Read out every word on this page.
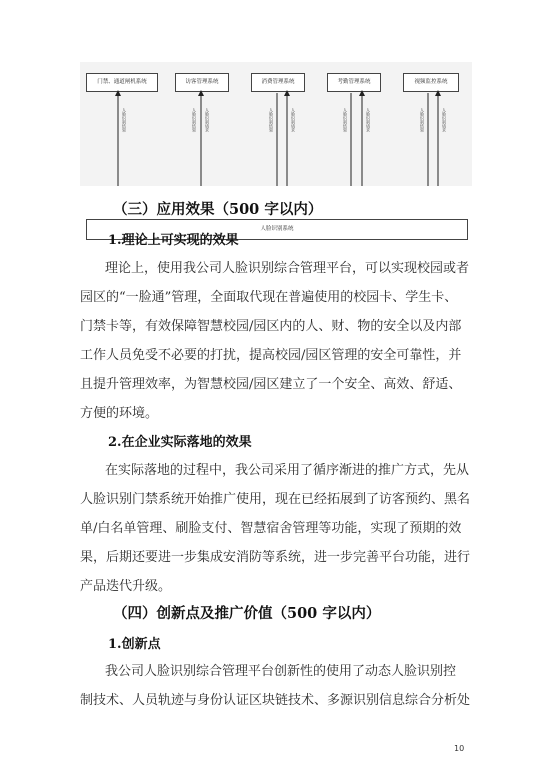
门禁、通道闸机系统	访客管理系统	消费管理系统	考勤管理系统	视频监控系统
人脸识别结果	人脸识别结果	人脸识别请求	人脸识别结果	人脸识别请求	人脸识别结果	人脸识别请求	人脸识别结果	人脸识别请求
人脸识别系统
（三）应用效果（500 字以内）
1.理论上可实现的效果
理论上，使用我公司人脸识别综合管理平台，可以实现校园或者
园区的“一脸通”管理，全面取代现在普遍使用的校园卡、学生卡、
门禁卡等，有效保障智慧校园/园区内的人、财、物的安全以及内部
工作人员免受不必要的打扰，提高校园/园区管理的安全可靠性，并
且提升管理效率，为智慧校园/园区建立了一个安全、高效、舒适、
方便的环境。
2.在企业实际落地的效果
在实际落地的过程中，我公司采用了循序渐进的推广方式，先从
人脸识别门禁系统开始推广使用，现在已经拓展到了访客预约、黑名
单/白名单管理、刷脸支付、智慧宿舍管理等功能，实现了预期的效
果，后期还要进一步集成安消防等系统，进一步完善平台功能，进行
产品迭代升级。
（四）创新点及推广价值（500 字以内）
1.创新点
我公司人脸识别综合管理平台创新性的使用了动态人脸识别控
制技术、人员轨迹与身份认证区块链技术、多源识别信息综合分析处
10
